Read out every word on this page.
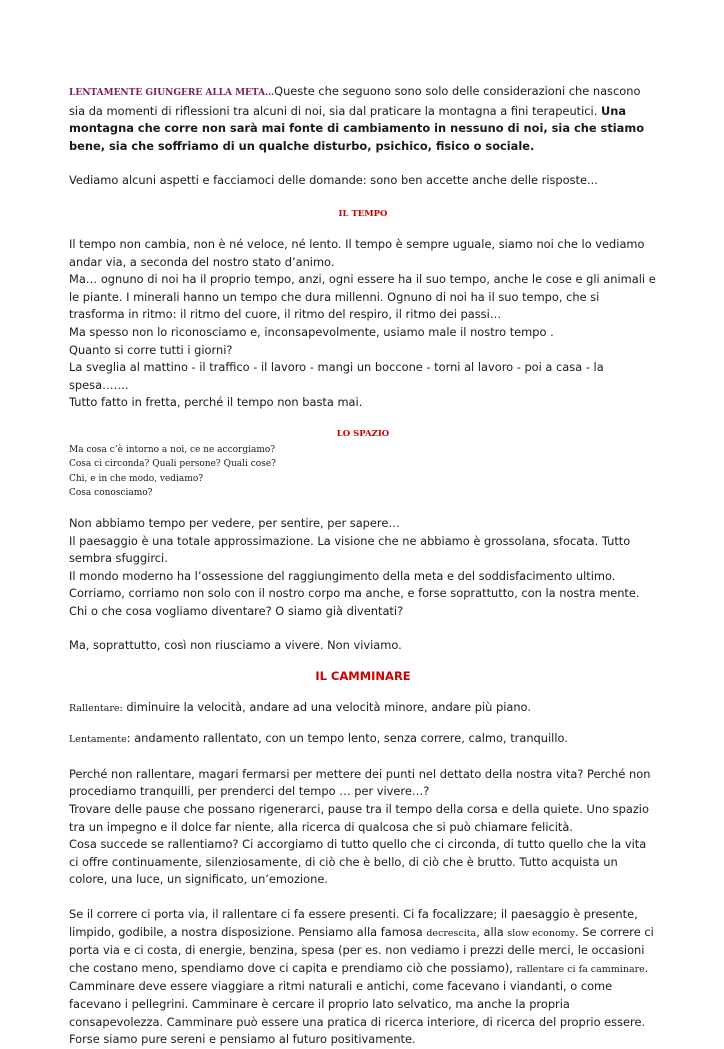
LENTAMENTE GIUNGERE ALLA META…Queste che seguono sono solo delle considerazioni che nascono sia da momenti di riflessioni tra alcuni di noi, sia dal praticare la montagna a fini terapeutici. Una montagna che corre non sarà mai fonte di cambiamento in nessuno di noi, sia che stiamo bene, sia che soffriamo di un qualche disturbo, psichico, fisico o sociale.

Vediamo alcuni aspetti e facciamoci delle domande: sono ben accette anche delle risposte...

IL TEMPO

Il tempo non cambia, non è né veloce, né lento. Il tempo è sempre uguale, siamo noi che lo vediamo andar via, a seconda del nostro stato d’animo.

Ma… ognuno di noi ha il proprio tempo, anzi, ogni essere ha il suo tempo, anche le cose e gli animali e le piante. I minerali hanno un tempo che dura millenni. Ognuno di noi ha il suo tempo, che si trasforma in ritmo: il ritmo del cuore, il ritmo del respiro, il ritmo dei passi…

Ma spesso non lo riconosciamo e, inconsapevolmente, usiamo male il nostro tempo .

Quanto si corre tutti i giorni?

La sveglia al mattino - il traffico - il lavoro - mangi un boccone - torni al lavoro - poi a casa - la spesa…….

Tutto fatto in fretta, perché il tempo non basta mai.

LO SPAZIO

Ma cosa c’è intorno a noi, ce ne accorgiamo?

Cosa ci circonda? Quali persone? Quali cose?

Chi, e in che modo, vediamo?

Cosa conosciamo?

Non abbiamo tempo per vedere, per sentire, per sapere…

Il paesaggio è una totale approssimazione. La visione che ne abbiamo è grossolana, sfocata. Tutto sembra sfuggirci.

Il mondo moderno ha l’ossessione del raggiungimento della meta e del soddisfacimento ultimo.

Corriamo, corriamo non solo con il nostro corpo ma anche, e forse soprattutto, con la nostra mente.

Chi o che cosa vogliamo diventare? O siamo già diventati?

Ma, soprattutto, così non riusciamo a vivere. Non viviamo.

IL CAMMINARE

Rallentare: diminuire la velocità, andare ad una velocità minore, andare più piano.

Lentamente: andamento rallentato, con un tempo lento, senza correre, calmo, tranquillo.

Perché non rallentare, magari fermarsi per mettere dei punti nel dettato della nostra vita? Perché non procediamo tranquilli, per prenderci del tempo … per vivere…?

Trovare delle pause che possano rigenerarci, pause tra il tempo della corsa e della quiete. Uno spazio tra un impegno e il dolce far niente, alla ricerca di qualcosa che si può chiamare felicità.

Cosa succede se rallentiamo? Ci accorgiamo di tutto quello che ci circonda, di tutto quello che la vita ci offre continuamente, silenziosamente, di ciò che è bello, di ciò che è brutto. Tutto acquista un colore, una luce, un significato, un’emozione.

Se il correre ci porta via, il rallentare ci fa essere presenti. Ci fa focalizzare; il paesaggio è presente, limpido, godibile, a nostra disposizione. Pensiamo alla famosa decrescita, alla slow economy. Se correre ci porta via e ci costa, di energie, benzina, spesa (per es. non vediamo i prezzi delle merci, le occasioni che costano meno, spendiamo dove ci capita e prendiamo ciò che possiamo), rallentare ci fa camminare. Camminare deve essere viaggiare a ritmi naturali e antichi, come facevano i viandanti, o come facevano i pellegrini. Camminare è cercare il proprio lato selvatico, ma anche la propria consapevolezza. Camminare può essere una pratica di ricerca interiore, di ricerca del proprio essere.

Forse siamo pure sereni e pensiamo al futuro positivamente.
